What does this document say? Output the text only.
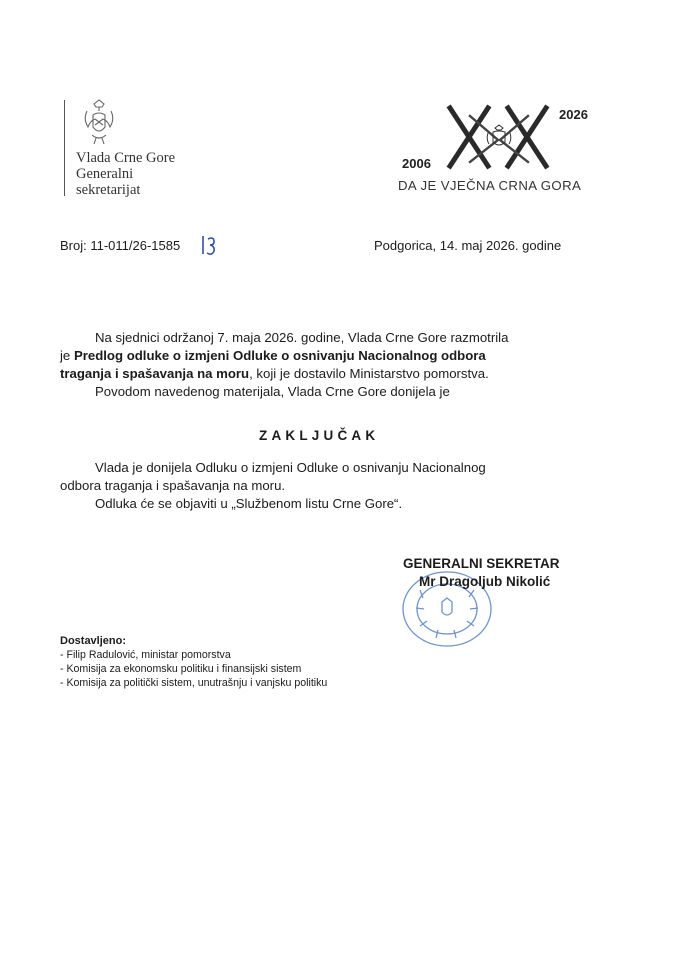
Vlada Crne Gore
Generalni
sekretarijat
2026
2006
DA JE VJEČNA CRNA GORA
Broj: 11-011/26-1585	Podgorica, 14. maj 2026. godine
Na sjednici održanoj 7. maja 2026. godine, Vlada Crne Gore razmotrila
je Predlog odluke o izmjeni Odluke o osnivanju Nacionalnog odbora
traganja i spašavanja na moru, koji je dostavilo Ministarstvo pomorstva.
Povodom navedenog materijala, Vlada Crne Gore donijela je
ZAKLJUČAK
Vlada je donijela Odluku o izmjeni Odluke o osnivanju Nacionalnog
odbora traganja i spašavanja na moru.
Odluka će se objaviti u „Službenom listu Crne Gore“.
GENERALNI SEKRETAR
Mr Dragoljub Nikolić
Dostavljeno:
- Filip Radulović, ministar pomorstva
- Komisija za ekonomsku politiku i finansijski sistem
- Komisija za politički sistem, unutrašnju i vanjsku politiku
